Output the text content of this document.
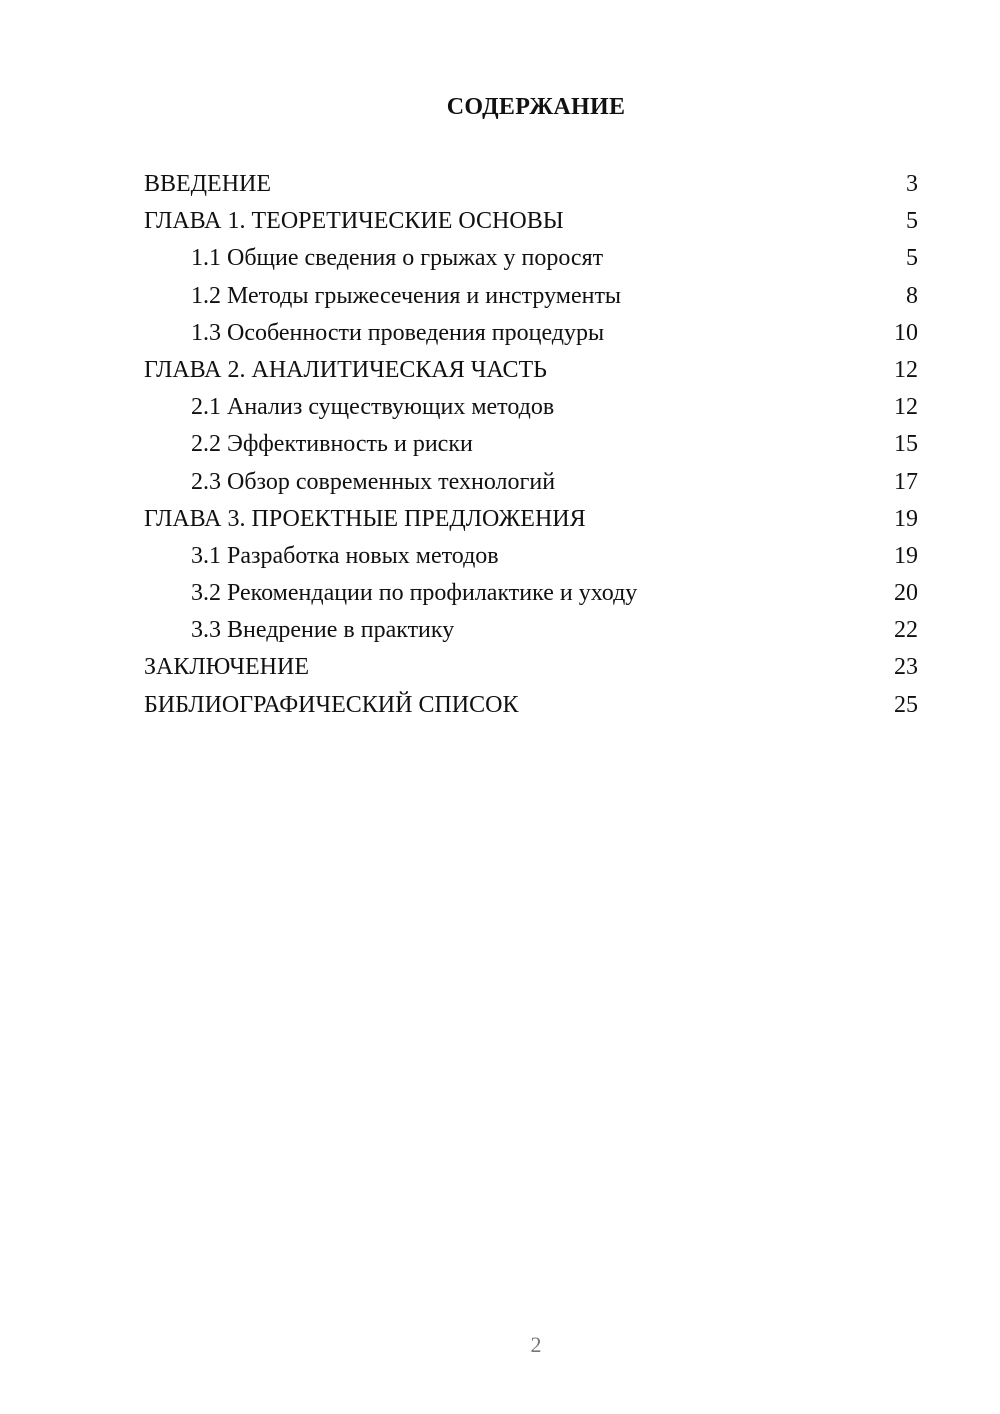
СОДЕРЖАНИЕ
ВВЕДЕНИЕ	3
ГЛАВА 1. ТЕОРЕТИЧЕСКИЕ ОСНОВЫ	5
1.1 Общие сведения о грыжах у поросят	5
1.2 Методы грыжесечения и инструменты	8
1.3 Особенности проведения процедуры	10
ГЛАВА 2. АНАЛИТИЧЕСКАЯ ЧАСТЬ	12
2.1 Анализ существующих методов	12
2.2 Эффективность и риски	15
2.3 Обзор современных технологий	17
ГЛАВА 3. ПРОЕКТНЫЕ ПРЕДЛОЖЕНИЯ	19
3.1 Разработка новых методов	19
3.2 Рекомендации по профилактике и уходу	20
3.3 Внедрение в практику	22
ЗАКЛЮЧЕНИЕ	23
БИБЛИОГРАФИЧЕСКИЙ СПИСОК	25
2
